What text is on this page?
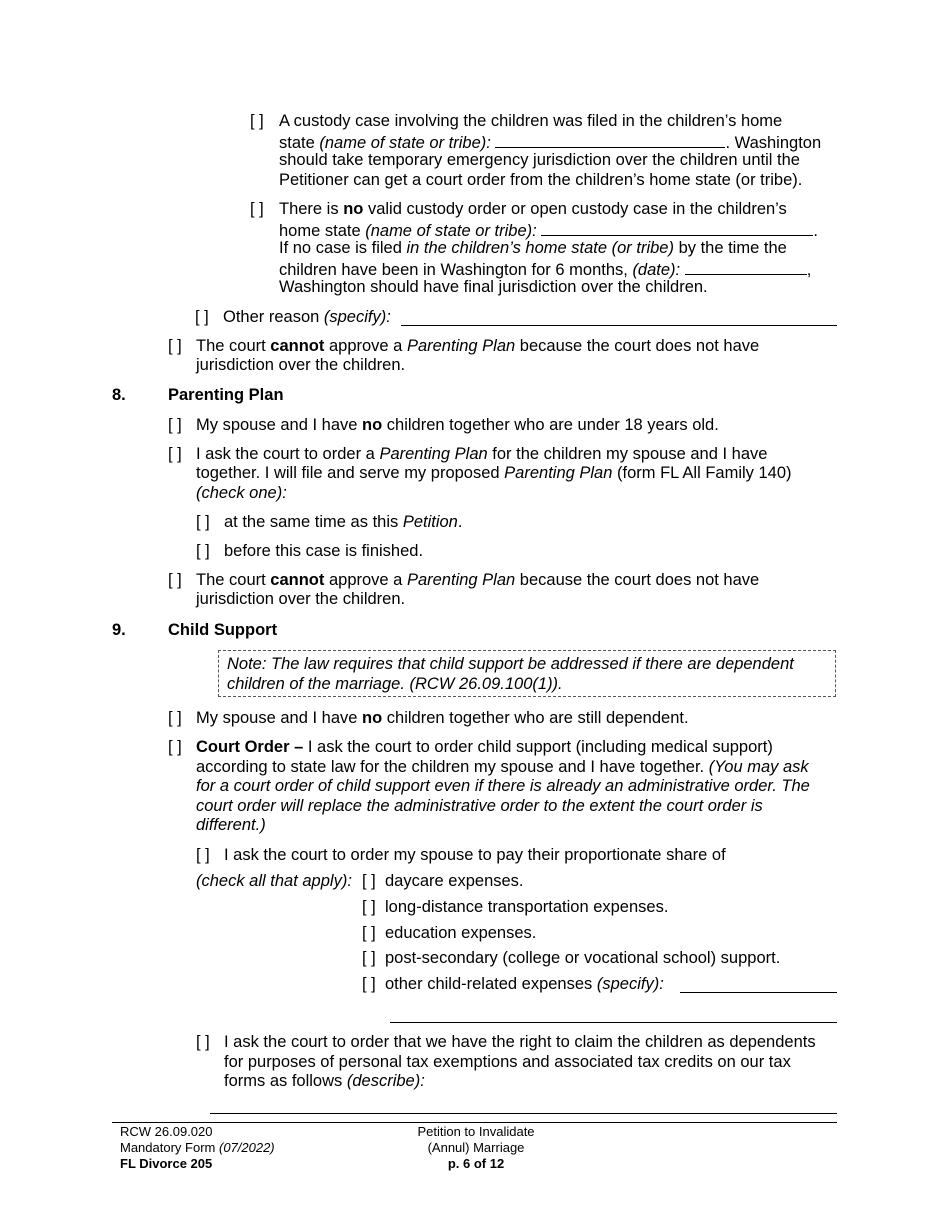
[ ] A custody case involving the children was filed in the children’s home
state (name of state or tribe):	. Washington
should take temporary emergency jurisdiction over the children until the
Petitioner can get a court order from the children’s home state (or tribe).
[ ] There is no valid custody order or open custody case in the children’s
home state (name of state or tribe):	.
If no case is filed in the children’s home state (or tribe) by the time the
children have been in Washington for 6 months, (date):	,
Washington should have final jurisdiction over the children.
[ ] Other reason (specify):
[ ] The court cannot approve a Parenting Plan because the court does not have
jurisdiction over the children.
8.	Parenting Plan
[ ] My spouse and I have no children together who are under 18 years old.
[ ] I ask the court to order a Parenting Plan for the children my spouse and I have
together. I will file and serve my proposed Parenting Plan (form FL All Family 140)
(check one):
[ ] at the same time as this Petition.
[ ] before this case is finished.
[ ] The court cannot approve a Parenting Plan because the court does not have
jurisdiction over the children.
9.	Child Support
Note: The law requires that child support be addressed if there are dependent
children of the marriage. (RCW 26.09.100(1)).
[ ] My spouse and I have no children together who are still dependent.
[ ] Court Order – I ask the court to order child support (including medical support)
according to state law for the children my spouse and I have together. (You may ask
for a court order of child support even if there is already an administrative order. The
court order will replace the administrative order to the extent the court order is
different.)
[ ] I ask the court to order my spouse to pay their proportionate share of
(check all that apply): [ ] daycare expenses.
[ ] long-distance transportation expenses.
[ ] education expenses.
[ ] post-secondary (college or vocational school) support.
[ ] other child-related expenses (specify):
[ ] I ask the court to order that we have the right to claim the children as dependents
for purposes of personal tax exemptions and associated tax credits on our tax
forms as follows (describe):
RCW 26.09.020
Mandatory Form (07/2022)
FL Divorce 205
Petition to Invalidate
(Annul) Marriage
p. 6 of 12
